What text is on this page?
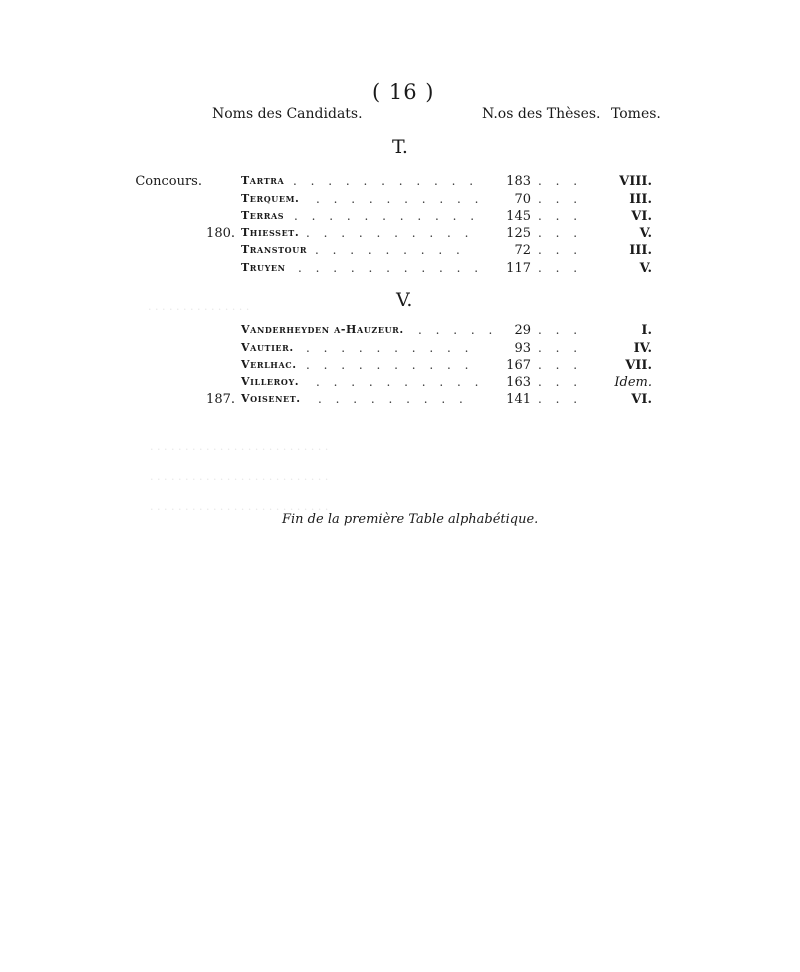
( 16 )
Noms des Candidats.	N.os des Thèses. Tomes.
T.
Concours.	Tartra . . . . . . . . . . . 183 . . .	VIII.
Terquem. . . . . . . . . . . 70 . . .	III.
Terras . . . . . . . . . . . 145 . . .	VI.
180. Thiesset. . . . . . . . . . .	125 . . .	V.
Transtour . . . . . . . . .	72 . . .	III.
Truyen . . . . . . . . . . . 117 . . .	V.
V.
Vanderheyden a-Hauzeur. . . . . . 29 . . .	I.
Vautier. . . . . . . . . . .	93 . . .	IV.
Verlhac. . . . . . . . . . .	167 . . .	VII.
Villeroy. . . . . . . . . . . 163 . . . Idem.
187. Voisenet. . . . . . . . . .	141 . . .	VI.
Fin de la première Table alphabétique.
. . . . . . . . . . . . . . .
. . . . . . . . . . . . . . . . . . . . . . . . . .
. . . . . . . . . . . . . . . . . . . . . . . . . .
. . . . . . . . . . . . . . . . . . . . . . . . . .
